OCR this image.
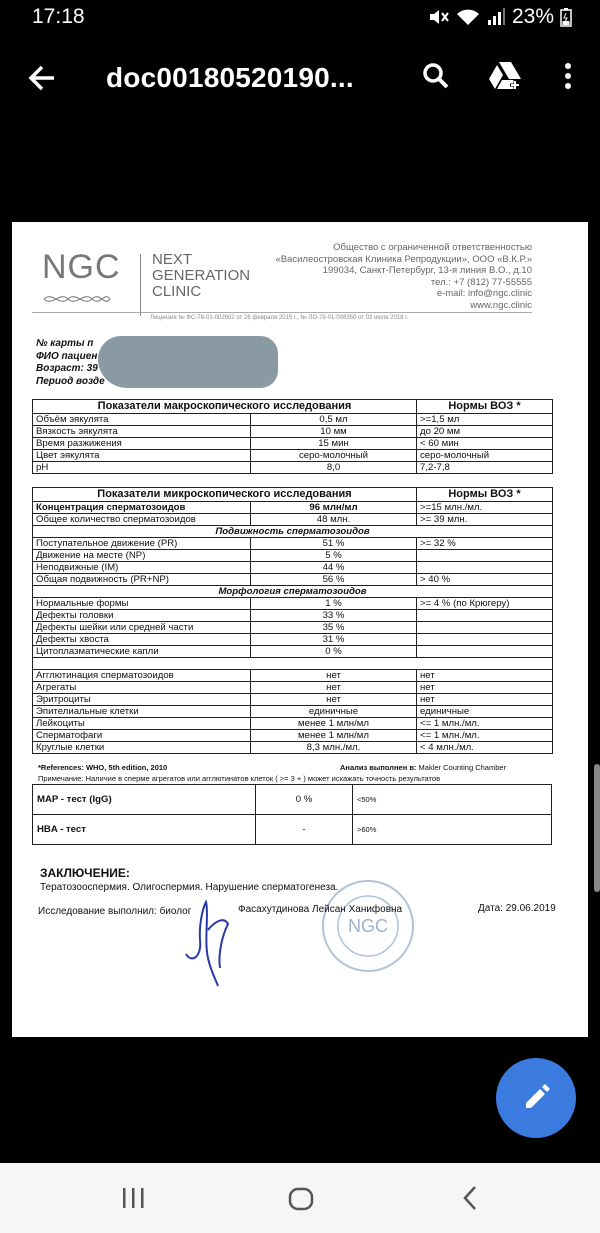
17:18	23%
doc00180520190...
NGC NEXT
GENERATION
CLINIC
Общество с ограниченной ответственностью
«Василеостровская Клиника Репродукции», ООО «В.К.Р.»
199034, Санкт-Петербург, 13-я линия В.О., д.10
тел.: +7 (812) 77-55555
e-mail: info@ngc.clinic
www.ngc.clinic
Лицензия № ФС-78-01-002602 от 26 февраля 2015 г., № ЛО-78-01-008350 от 03 июля 2018 г.
№ карты п
ФИО пациен
Возраст: 39
Период возде
Показатели макроскопического исследования		Нормы ВОЗ *
Объём эякулята	0,5 мл	>=1,5 мл
Вязкость эякулята	10 мм	до 20 мм
Время разжижения	15 мин	< 60 мин
Цвет эякулята	серо-молочный	серо-молочный
pH	8,0	7,2-7,8
Показатели микроскопического исследования		Нормы ВОЗ *
Концентрация сперматозоидов	96 млн/мл	>=15 млн./мл.
Общее количество сперматозоидов	48 млн.	>= 39 млн.
Подвижность сперматозоидов		
Поступательное движение (PR)	51 %	>= 32 %
Движение на месте (NP)	5 %	
Неподвижные (IM)	44 %	
Общая подвижность (PR+NP)	56 %	> 40 %
Морфология сперматозоидов		
Нормальные формы	1 %	>= 4 % (по Крюгеру)
Дефекты головки	33 %	
Дефекты шейки или средней части	35 %	
Дефекты хвоста	31 %	
Цитоплазматические капли	0 %	

Агглютинация сперматозоидов	нет	нет
Агрегаты	нет	нет
Эритроциты	нет	нет
Эпителиальные клетки	единичные	единичные
Лейкоциты	менее 1 млн/мл	<= 1 млн./мл.
Сперматофаги	менее 1 млн/мл	<= 1 млн./мл.
Круглые клетки	8,3 млн./мл.	< 4 млн./мл.
*References: WHO, 5th edition, 2010	Анализ выполнен в: Makler Counting Chamber
Примечание: Наличие в сперме агрегатов или агглютинатов клеток ( >= 3 + ) может искажать точность результатов
MAP - тест (IgG)	0 %	<50%
HBA - тест	-	>60%
ЗАКЛЮЧЕНИЕ:
Тератозооспермия. Олигоспермия. Нарушение сперматогенеза.
NGC
Исследование выполнил: биолог	Фасахутдинова Лейсан Ханифовна	Дата: 29.06.2019
